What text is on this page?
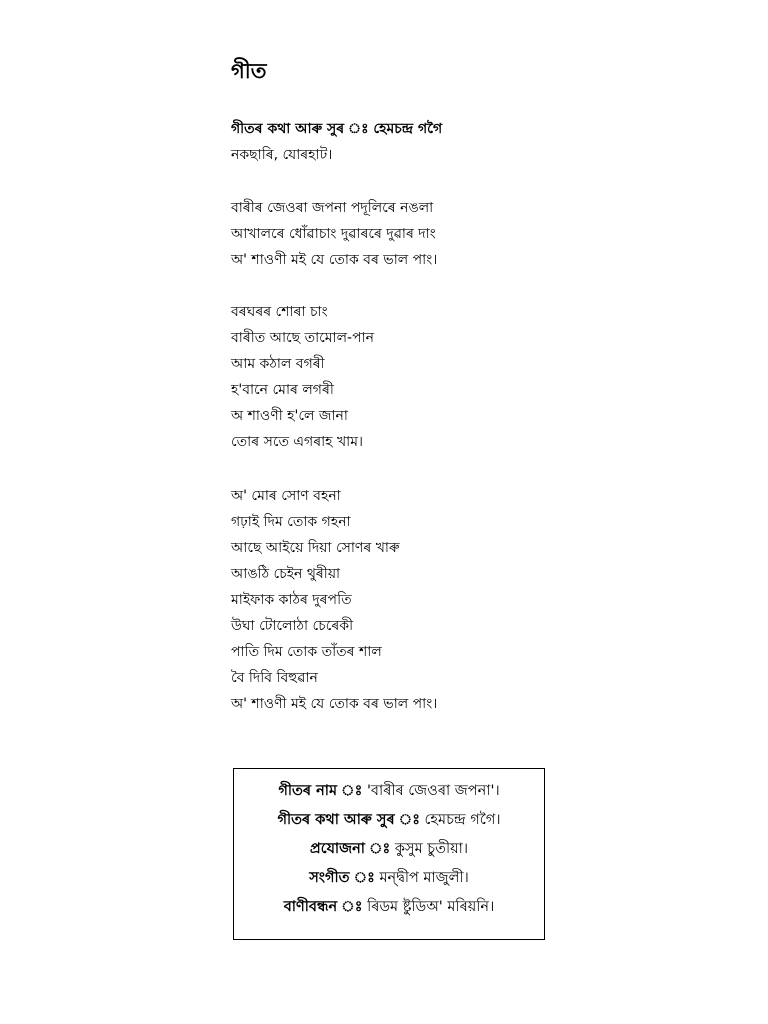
গীত
গীতৰ কথা আৰু সুৰ ঃ হেমচন্দ্ৰ গগৈ
নকছাৰি, যোৰহাট।
বাৰীৰ জেওৰা জপনা পদূলিৰে নঙলা
আখালৰে ধোঁৱাচাং দুৱাৰৰে দুৱাৰ দাং
অ' শাওণী মই যে তোক বৰ ভাল পাং।
বৰঘৰৰ শোৰা চাং
বাৰীত আছে তামোল-পান
আম কঠাল বগৰী
হ'বানে মোৰ লগৰী
অ শাওণী হ'লে জানা
তোৰ সতে এগৰাহ খাম।
অ' মোৰ সোণ বহনা
গঢ়াই দিম তোক গহনা
আছে আইয়ে দিয়া সোণৰ খাৰু
আঙঠি চেইন থুৰীয়া
মাইফাক কাঠৰ দুৰপতি
উঘা টোলোঠা চেৰেকী
পাতি দিম তোক তাঁতৰ শাল
বৈ দিবি বিহুৱান
অ' শাওণী মই যে তোক বৰ ভাল পাং।
গীতৰ নাম ঃ 'বাৰীৰ জেওৰা জপনা'।
গীতৰ কথা আৰু সুৰ ঃ হেমচন্দ্ৰ গগৈ।
প্ৰযোজনা ঃ কুসুম চুতীয়া।
সংগীত ঃ মন্দ্বীপ মাজুলী।
বাণীবন্ধন ঃ ৰিডম ষ্টুডিঅ' মৰিয়নি।
